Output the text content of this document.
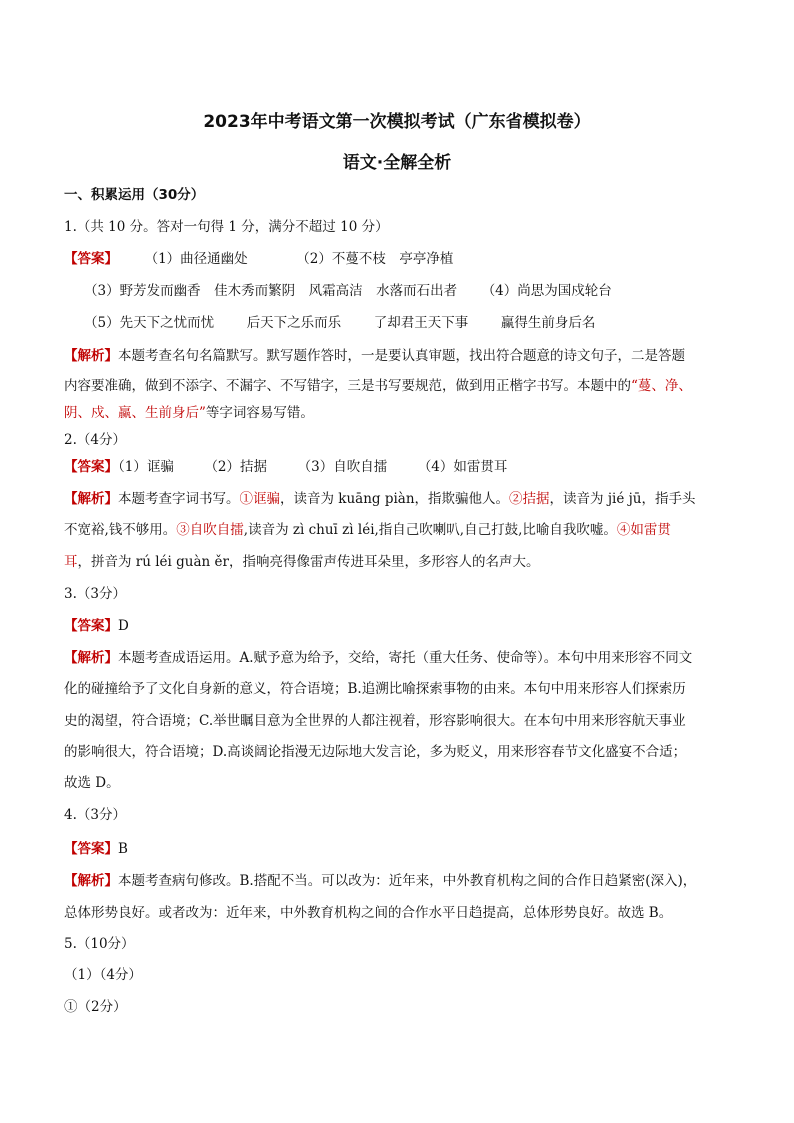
2023年中考语文第一次模拟考试（广东省模拟卷）
语文·全解全析
一、积累运用（30分）
1.（共 10 分。答对一句得 1 分，满分不超过 10 分）
【答案】 （1）曲径通幽处	（2）不蔓不枝　亭亭净植
（3）野芳发而幽香　佳木秀而繁阴　风霜高洁　水落而石出者 （4）尚思为国戍轮台
（5）先天下之忧而忧 后天下之乐而乐 了却君王天下事 赢得生前身后名
【解析】本题考查名句名篇默写。默写题作答时，一是要认真审题，找出符合题意的诗文句子，二是答题
内容要准确，做到不添字、不漏字、不写错字，三是书写要规范，做到用正楷字书写。本题中的“蔓、净、
阴、戍、赢、生前身后”等字词容易写错。
2.（4分）
【答案】（1）诓骗 （2）拮据 （3）自吹自擂 （4）如雷贯耳
【解析】本题考查字词书写。①诓骗，读音为 kuāng piàn，指欺骗他人。②拮据，读音为 jié jū，指手头
不宽裕,钱不够用。③自吹自擂,读音为 zì chuī zì léi,指自己吹喇叭,自己打鼓,比喻自我吹嘘。④如雷贯
耳，拼音为 rú léi guàn ěr，指响亮得像雷声传进耳朵里，多形容人的名声大。
3.（3分）
【答案】D
【解析】本题考查成语运用。A.赋予意为给予，交给，寄托（重大任务、使命等）。本句中用来形容不同文
化的碰撞给予了文化自身新的意义，符合语境；B.追溯比喻探索事物的由来。本句中用来形容人们探索历
史的渴望，符合语境；C.举世瞩目意为全世界的人都注视着，形容影响很大。在本句中用来形容航天事业
的影响很大，符合语境；D.高谈阔论指漫无边际地大发言论，多为贬义，用来形容春节文化盛宴不合适；
故选 D。
4.（3分）
【答案】B
【解析】本题考查病句修改。B.搭配不当。可以改为：近年来，中外教育机构之间的合作日趋紧密(深入)，
总体形势良好。或者改为：近年来，中外教育机构之间的合作水平日趋提高，总体形势良好。故选 B。
5.（10分）
（1）（4分）
①（2分）
